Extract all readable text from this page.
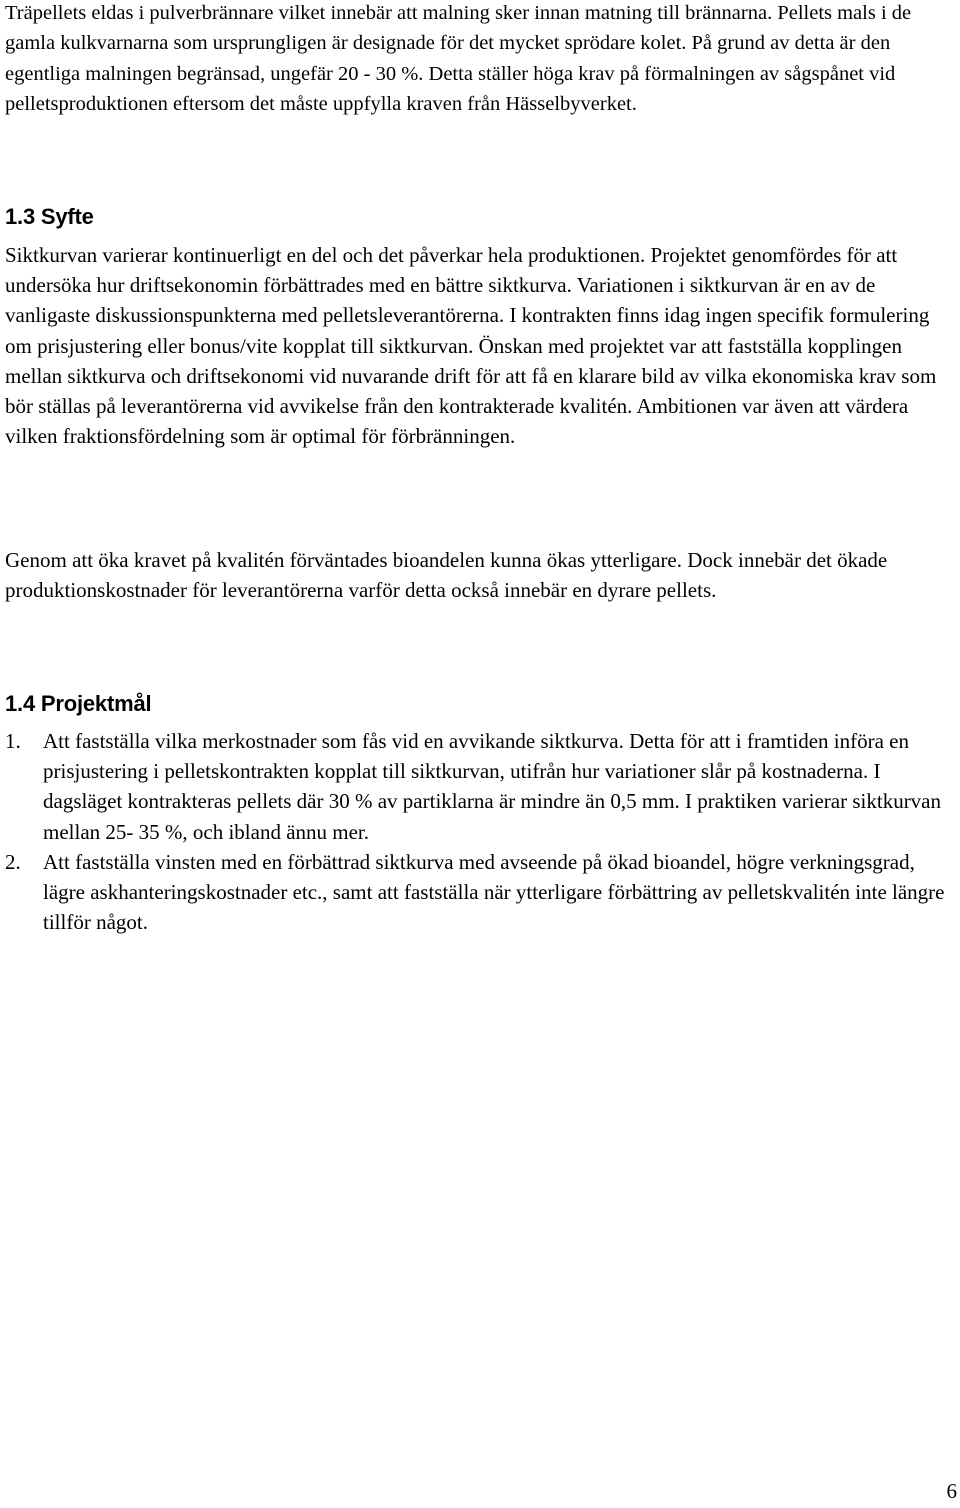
Träpellets eldas i pulverbrännare vilket innebär att malning sker innan matning till brännarna. Pellets mals i de gamla kulkvarnarna som ursprungligen är designade för det mycket sprödare kolet. På grund av detta är den egentliga malningen begränsad, ungefär 20 - 30 %. Detta ställer höga krav på förmalningen av sågspånet vid pelletsproduktionen eftersom det måste uppfylla kraven från Hässelbyverket.

1.3 Syfte

Siktkurvan varierar kontinuerligt en del och det påverkar hela produktionen. Projektet genomfördes för att undersöka hur driftsekonomin förbättrades med en bättre siktkurva. Variationen i siktkurvan är en av de vanligaste diskussionspunkterna med pelletsleverantörerna. I kontrakten finns idag ingen specifik formulering om prisjustering eller bonus/vite kopplat till siktkurvan. Önskan med projektet var att fastställa kopplingen mellan siktkurva och driftsekonomi vid nuvarande drift för att få en klarare bild av vilka ekonomiska krav som bör ställas på leverantörerna vid avvikelse från den kontrakterade kvalitén. Ambitionen var även att värdera vilken fraktionsfördelning som är optimal för förbränningen.

Genom att öka kravet på kvalitén förväntades bioandelen kunna ökas ytterligare. Dock innebär det ökade produktionskostnader för leverantörerna varför detta också innebär en dyrare pellets.

1.4 Projektmål
1. Att fastställa vilka merkostnader som fås vid en avvikande siktkurva. Detta för att i framtiden införa en prisjustering i pelletskontrakten kopplat till siktkurvan, utifrån hur variationer slår på kostnaderna. I dagsläget kontrakteras pellets där 30 % av partiklarna är mindre än 0,5 mm. I praktiken varierar siktkurvan mellan 25- 35 %, och ibland ännu mer.
2. Att fastställa vinsten med en förbättrad siktkurva med avseende på ökad bioandel, högre verkningsgrad, lägre askhanteringskostnader etc., samt att fastställa när ytterligare förbättring av pelletskvalitén inte längre tillför något.
6
